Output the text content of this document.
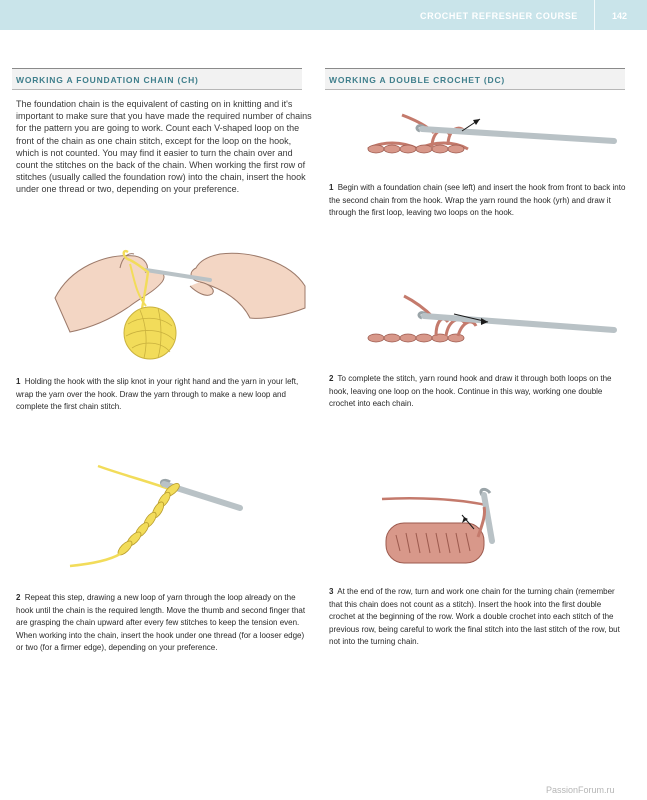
CROCHET REFRESHER COURSE	142
WORKING A FOUNDATION CHAIN (CH)	WORKING A DOUBLE CROCHET (DC)

The foundation chain is the equivalent of casting on in knitting and it's important to make sure that you have made the required number of chains for the pattern you are going to work. Count each V-shaped loop on the front of the chain as one chain stitch, except for the loop on the hook, which is not counted. You may find it easier to turn the chain over and count the stitches on the back of the chain. When working the first row of stitches (usually called the foundation row) into the chain, insert the hook under one thread or two, depending on your preference.

1 Holding the hook with the slip knot in your right hand and the yarn in your left, wrap the yarn over the hook. Draw the yarn through to make a new loop and complete the first chain stitch.

2 Repeat this step, drawing a new loop of yarn through the loop already on the hook until the chain is the required length. Move the thumb and second finger that are grasping the chain upward after every few stitches to keep the tension even. When working into the chain, insert the hook under one thread (for a looser edge) or two (for a firmer edge), depending on your preference.

1 Begin with a foundation chain (see left) and insert the hook from front to back into the second chain from the hook. Wrap the yarn round the hook (yrh) and draw it through the first loop, leaving two loops on the hook.

2 To complete the stitch, yarn round hook and draw it through both loops on the hook, leaving one loop on the hook. Continue in this way, working one double crochet into each chain.

3 At the end of the row, turn and work one chain for the turning chain (remember that this chain does not count as a stitch). Insert the hook into the first double crochet at the beginning of the row. Work a double crochet into each stitch of the previous row, being careful to work the final stitch into the last stitch of the row, but not into the turning chain.

PassionForum.ru
